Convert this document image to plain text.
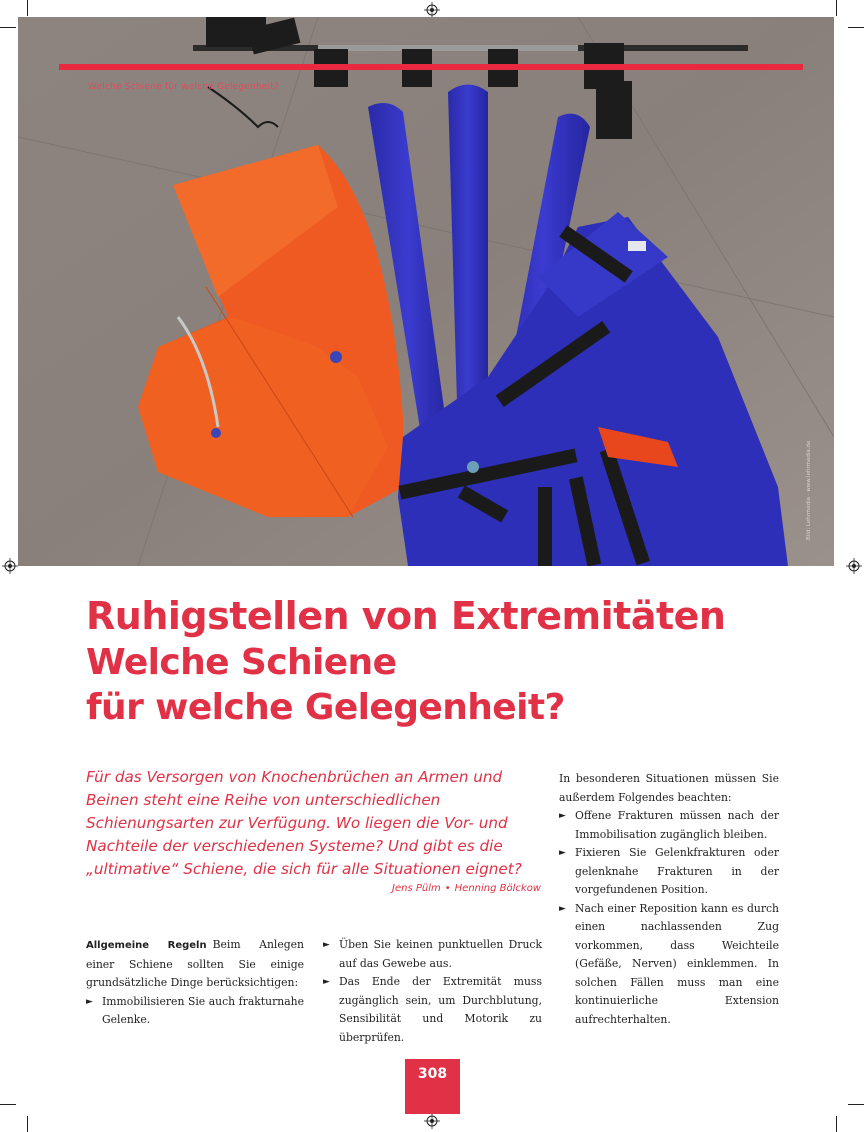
Welche Schiene für welche Gelegenheit?
Bild: Lehrmedia · www.lehrmedia.de
Ruhigstellen von Extremitäten
Welche Schiene
für welche Gelegenheit?

Für das Versorgen von Knochenbrüchen an Armen und Beinen steht eine Reihe von unterschiedlichen Schienungsarten zur Verfügung. Wo liegen die Vor- und Nachteile der verschiedenen Systeme? Und gibt es die „ultimative“ Schiene, die sich für alle Situationen eignet?

Jens Pülm • Henning Bölckow

Allgemeine Regeln Beim Anlegen einer Schiene sollten Sie einige grundsätzliche Dinge berücksichtigen:

► Immobilisieren Sie auch frakturnahe Gelenke.
► Üben Sie keinen punktuellen Druck auf das Gewebe aus.
► Das Ende der Extremität muss zugänglich sein, um Durchblutung, Sensibilität und Motorik zu überprüfen.

In besonderen Situationen müssen Sie außerdem Folgendes beachten:

► Offene Frakturen müssen nach der Immobilisation zugänglich bleiben.
► Fixieren Sie Gelenkfrakturen oder gelenknahe Frakturen in der vorgefundenen Position.
► Nach einer Reposition kann es durch einen nachlassenden Zug vorkommen, dass Weichteile (Gefäße, Nerven) einklemmen. In solchen Fällen muss man eine kontinuierliche Extension aufrechterhalten.
308
